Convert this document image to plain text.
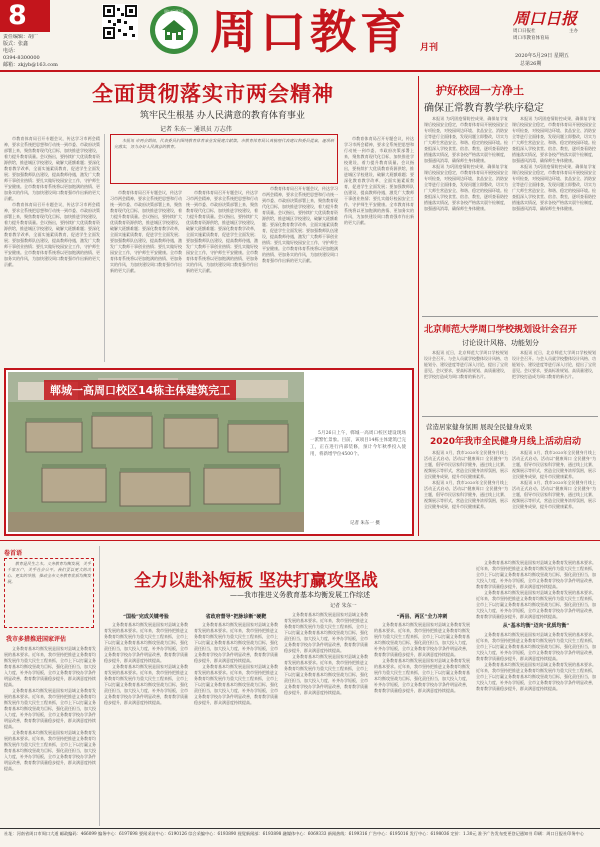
8
责任编辑：胡广
版式：张鑫
电话：
0394-8300000
邮箱：zkjyb@163.com
周口日报社 周口教育 月刊
周口日报
主办
周口日报社
周口市教育体育局
2020年5月29日 星期五
总第26期
全面贯彻落实市两会精神
筑牢民生根基 办人民满意的教育体育事业
记者 朱东一 通讯员 万志伟

本报讯 市两会期间，代表委员们围绕教育体育事业发展建言献策。市教育体育局认真梳理代表建议和委员提案，逐项研究落实，努力办好人民满意的教育。

市教育体育局召开专题会议，传达学习市两会精神，要求全系统把思想和行动统一到市委、市政府决策部署上来，聚焦教育现代化目标，加快推进学校建设，着力提升教育质量。会议指出，要持续扩大优质教育资源供给，推进城区学校建设，破解大班额难题；要深化教育教学改革，全面实施素质教育，促进学生全面发展；要加强教师队伍建设，提高教师待遇，激发广大教师干事创业热情；要扎实做好校园安全工作，守护师生平安健康。全市教育体育系统将以更加饱满的热情、更加务实的作风，为加快建设周口教育强市作出新的更大贡献。

市教育体育局召开专题会议，传达学习市两会精神，要求全系统把思想和行动统一到市委、市政府决策部署上来，聚焦教育现代化目标，加快推进学校建设，着力提升教育质量。会议指出，要持续扩大优质教育资源供给，推进城区学校建设，破解大班额难题；要深化教育教学改革，全面实施素质教育，促进学生全面发展；要加强教师队伍建设，提高教师待遇，激发广大教师干事创业热情；要扎实做好校园安全工作，守护师生平安健康。全市教育体育系统将以更加饱满的热情、更加务实的作风，为加快建设周口教育强市作出新的更大贡献。

市教育体育局召开专题会议，传达学习市两会精神，要求全系统把思想和行动统一到市委、市政府决策部署上来，聚焦教育现代化目标，加快推进学校建设，着力提升教育质量。会议指出，要持续扩大优质教育资源供给，推进城区学校建设，破解大班额难题；要深化教育教学改革，全面实施素质教育，促进学生全面发展；要加强教师队伍建设，提高教师待遇，激发广大教师干事创业热情；要扎实做好校园安全工作，守护师生平安健康。全市教育体育系统将以更加饱满的热情、更加务实的作风，为加快建设周口教育强市作出新的更大贡献。

市教育体育局召开专题会议，传达学习市两会精神，要求全系统把思想和行动统一到市委、市政府决策部署上来，聚焦教育现代化目标，加快推进学校建设，着力提升教育质量。会议指出，要持续扩大优质教育资源供给，推进城区学校建设，破解大班额难题；要深化教育教学改革，全面实施素质教育，促进学生全面发展；要加强教师队伍建设，提高教师待遇，激发广大教师干事创业热情；要扎实做好校园安全工作，守护师生平安健康。全市教育体育系统将以更加饱满的热情、更加务实的作风，为加快建设周口教育强市作出新的更大贡献。

市教育体育局召开专题会议，传达学习市两会精神，要求全系统把思想和行动统一到市委、市政府决策部署上来，聚焦教育现代化目标，加快推进学校建设，着力提升教育质量。会议指出，要持续扩大优质教育资源供给，推进城区学校建设，破解大班额难题；要深化教育教学改革，全面实施素质教育，促进学生全面发展；要加强教师队伍建设，提高教师待遇，激发广大教师干事创业热情；要扎实做好校园安全工作，守护师生平安健康。全市教育体育系统将以更加饱满的热情、更加务实的作风，为加快建设周口教育强市作出新的更大贡献。

市教育体育局召开专题会议，传达学习市两会精神，要求全系统把思想和行动统一到市委、市政府决策部署上来，聚焦教育现代化目标，加快推进学校建设，着力提升教育质量。会议指出，要持续扩大优质教育资源供给，推进城区学校建设，破解大班额难题；要深化教育教学改革，全面实施素质教育，促进学生全面发展；要加强教师队伍建设，提高教师待遇，激发广大教师干事创业热情；要扎实做好校园安全工作，守护师生平安健康。全市教育体育系统将以更加饱满的热情、更加务实的作风，为加快建设周口教育强市作出新的更大贡献。

护好校园一方净土
确保正常教育教学秩序稳定

本报讯 为巩固疫情防控成果，确保复学复课后校园安全稳定，市教育体育局开展校园安全专项检查，对校园周边环境、食品安全、消防安全等进行全面排查，发现问题立即整改，切实为广大师生营造安全、和谐、稳定的校园环境。检查组深入学校食堂、宿舍、教室，逐项查看防控措施落实情况，要求各校严格落实晨午检制度，加强通风消毒，确保师生身体健康。

本报讯 为巩固疫情防控成果，确保复学复课后校园安全稳定，市教育体育局开展校园安全专项检查，对校园周边环境、食品安全、消防安全等进行全面排查，发现问题立即整改，切实为广大师生营造安全、和谐、稳定的校园环境。检查组深入学校食堂、宿舍、教室，逐项查看防控措施落实情况，要求各校严格落实晨午检制度，加强通风消毒，确保师生身体健康。

本报讯 为巩固疫情防控成果，确保复学复课后校园安全稳定，市教育体育局开展校园安全专项检查，对校园周边环境、食品安全、消防安全等进行全面排查，发现问题立即整改，切实为广大师生营造安全、和谐、稳定的校园环境。检查组深入学校食堂、宿舍、教室，逐项查看防控措施落实情况，要求各校严格落实晨午检制度，加强通风消毒，确保师生身体健康。

本报讯 为巩固疫情防控成果，确保复学复课后校园安全稳定，市教育体育局开展校园安全专项检查，对校园周边环境、食品安全、消防安全等进行全面排查，发现问题立即整改，切实为广大师生营造安全、和谐、稳定的校园环境。检查组深入学校食堂、宿舍、教室，逐项查看防控措施落实情况，要求各校严格落实晨午检制度，加强通风消毒，确保师生身体健康。

北京师范大学周口学校规划设计会召开
讨论设计风格、功能划分

本报讯 近日，北京师范大学周口学校规划设计会召开。与会人员就学校整体设计风格、功能划分、建设进度等进行深入讨论，提出了宝贵意见。会议要求，要高标准规划、高质量建设，把学校打造成为周口教育的新名片。

本报讯 近日，北京师范大学周口学校规划设计会召开。与会人员就学校整体设计风格、功能划分、建设进度等进行深入讨论，提出了宝贵意见。会议要求，要高标准规划、高质量建设，把学校打造成为周口教育的新名片。

营造居家健身氛围 展现全民健身成果
2020年我市全民健身月线上活动启动

本报讯 5月，我市2020年全民健身月线上活动正式启动。活动以“健康周口 全民健身”为主题，倡导市民居家科学健身，通过线上比赛、视频展示等形式，营造全民健身浓厚氛围，展示全民健身成果，提升市民健康素养。

本报讯 5月，我市2020年全民健身月线上活动正式启动。活动以“健康周口 全民健身”为主题，倡导市民居家科学健身，通过线上比赛、视频展示等形式，营造全民健身浓厚氛围，展示全民健身成果，提升市民健康素养。

本报讯 5月，我市2020年全民健身月线上活动正式启动。活动以“健康周口 全民健身”为主题，倡导市民居家科学健身，通过线上比赛、视频展示等形式，营造全民健身浓厚氛围，展示全民健身成果，提升市民健康素养。

本报讯 5月，我市2020年全民健身月线上活动正式启动。活动以“健康周口 全民健身”为主题，倡导市民居家科学健身，通过线上比赛、视频展示等形式，营造全民健身浓厚氛围，展示全民健身成果，提升市民健康素养。

郸城一高周口校区14栋主体建筑完工

5月26日上午，郸城一高周口校区建设现场一派繁忙景象。目前，该项目14栋主体建筑已完工，正在进行内部装修，预计今年秋季投入使用，将新增学位4500个。

记者 朱东一 摄
卷首语

教育是民生之本。义务教育均衡发展，关乎千家万户，关乎社会公平。我们要以更大的决心、更实的举措，推动全市义务教育优质均衡发展。

我市多措推进国家评估

义务教育基本均衡发展是国家对县域义务教育发展的基本要求。近年来，我市坚持把推进义务教育均衡发展作为重大民生工程来抓，全市上下以打赢义务教育基本均衡攻坚战为目标，强化责任担当，加大投入力度，补齐办学短板，全市义务教育学校办学条件明显改善，教育教学质量稳步提升，群众满意度持续提高。

义务教育基本均衡发展是国家对县域义务教育发展的基本要求。近年来，我市坚持把推进义务教育均衡发展作为重大民生工程来抓，全市上下以打赢义务教育基本均衡攻坚战为目标，强化责任担当，加大投入力度，补齐办学短板，全市义务教育学校办学条件明显改善，教育教学质量稳步提升，群众满意度持续提高。

义务教育基本均衡发展是国家对县域义务教育发展的基本要求。近年来，我市坚持把推进义务教育均衡发展作为重大民生工程来抓，全市上下以打赢义务教育基本均衡攻坚战为目标，强化责任担当，加大投入力度，补齐办学短板，全市义务教育学校办学条件明显改善，教育教学质量稳步提升，群众满意度持续提高。

全力以赴补短板 坚决打赢攻坚战
——我市推进义务教育基本均衡发展工作综述
记者 朱东一
“国检”完成关键考验

义务教育基本均衡发展是国家对县域义务教育发展的基本要求。近年来，我市坚持把推进义务教育均衡发展作为重大民生工程来抓，全市上下以打赢义务教育基本均衡攻坚战为目标，强化责任担当，加大投入力度，补齐办学短板，全市义务教育学校办学条件明显改善，教育教学质量稳步提升，群众满意度持续提高。

义务教育基本均衡发展是国家对县域义务教育发展的基本要求。近年来，我市坚持把推进义务教育均衡发展作为重大民生工程来抓，全市上下以打赢义务教育基本均衡攻坚战为目标，强化责任担当，加大投入力度，补齐办学短板，全市义务教育学校办学条件明显改善，教育教学质量稳步提升，群众满意度持续提高。

省政府督导“把脉诊断”硬靶

义务教育基本均衡发展是国家对县域义务教育发展的基本要求。近年来，我市坚持把推进义务教育均衡发展作为重大民生工程来抓，全市上下以打赢义务教育基本均衡攻坚战为目标，强化责任担当，加大投入力度，补齐办学短板，全市义务教育学校办学条件明显改善，教育教学质量稳步提升，群众满意度持续提高。

义务教育基本均衡发展是国家对县域义务教育发展的基本要求。近年来，我市坚持把推进义务教育均衡发展作为重大民生工程来抓，全市上下以打赢义务教育基本均衡攻坚战为目标，强化责任担当，加大投入力度，补齐办学短板，全市义务教育学校办学条件明显改善，教育教学质量稳步提升，群众满意度持续提高。

义务教育基本均衡发展是国家对县域义务教育发展的基本要求。近年来，我市坚持把推进义务教育均衡发展作为重大民生工程来抓，全市上下以打赢义务教育基本均衡攻坚战为目标，强化责任担当，加大投入力度，补齐办学短板，全市义务教育学校办学条件明显改善，教育教学质量稳步提升，群众满意度持续提高。

义务教育基本均衡发展是国家对县域义务教育发展的基本要求。近年来，我市坚持把推进义务教育均衡发展作为重大民生工程来抓，全市上下以打赢义务教育基本均衡攻坚战为目标，强化责任担当，加大投入力度，补齐办学短板，全市义务教育学校办学条件明显改善，教育教学质量稳步提升，群众满意度持续提高。

“两县、两区”全力冲刺

义务教育基本均衡发展是国家对县域义务教育发展的基本要求。近年来，我市坚持把推进义务教育均衡发展作为重大民生工程来抓，全市上下以打赢义务教育基本均衡攻坚战为目标，强化责任担当，加大投入力度，补齐办学短板，全市义务教育学校办学条件明显改善，教育教学质量稳步提升，群众满意度持续提高。

义务教育基本均衡发展是国家对县域义务教育发展的基本要求。近年来，我市坚持把推进义务教育均衡发展作为重大民生工程来抓，全市上下以打赢义务教育基本均衡攻坚战为目标，强化责任担当，加大投入力度，补齐办学短板，全市义务教育学校办学条件明显改善，教育教学质量稳步提升，群众满意度持续提高。

义务教育基本均衡发展是国家对县域义务教育发展的基本要求。近年来，我市坚持把推进义务教育均衡发展作为重大民生工程来抓，全市上下以打赢义务教育基本均衡攻坚战为目标，强化责任担当，加大投入力度，补齐办学短板，全市义务教育学校办学条件明显改善，教育教学质量稳步提升，群众满意度持续提高。

义务教育基本均衡发展是国家对县域义务教育发展的基本要求。近年来，我市坚持把推进义务教育均衡发展作为重大民生工程来抓，全市上下以打赢义务教育基本均衡攻坚战为目标，强化责任担当，加大投入力度，补齐办学短板，全市义务教育学校办学条件明显改善，教育教学质量稳步提升，群众满意度持续提高。

从“基本均衡”迈向“优质均衡”

义务教育基本均衡发展是国家对县域义务教育发展的基本要求。近年来，我市坚持把推进义务教育均衡发展作为重大民生工程来抓，全市上下以打赢义务教育基本均衡攻坚战为目标，强化责任担当，加大投入力度，补齐办学短板，全市义务教育学校办学条件明显改善，教育教学质量稳步提升，群众满意度持续提高。

义务教育基本均衡发展是国家对县域义务教育发展的基本要求。近年来，我市坚持把推进义务教育均衡发展作为重大民生工程来抓，全市上下以打赢义务教育基本均衡攻坚战为目标，强化责任担当，加大投入力度，补齐办学短板，全市义务教育学校办学条件明显改善，教育教学质量稳步提升，群众满意度持续提高。

社址：河南省周口市周口大道 邮政编码：466099 编务中心：6197698 要闻采访中心：6190126 综合采编中心：6193890 视觉新闻部：6193898 融媒体中心：6069333 新闻热线：6199316 广告中心：6195016 发行中心：6198036 定价：1.30元 准予广告发布变更登记通知书 印刷：周口日报社印务中心
